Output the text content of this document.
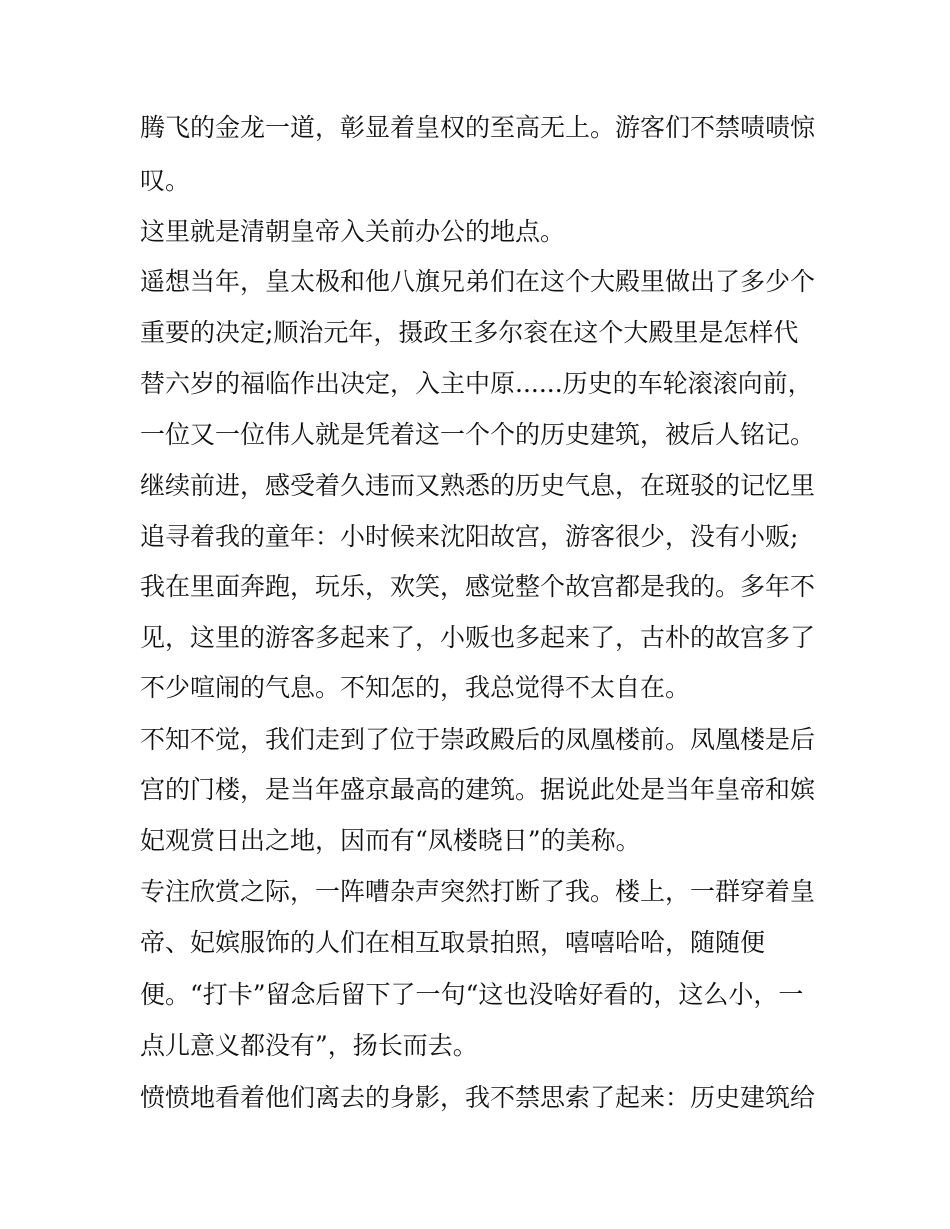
腾飞的金龙一道，彰显着皇权的至高无上。游客们不禁啧啧惊
叹。
这里就是清朝皇帝入关前办公的地点。
遥想当年，皇太极和他八旗兄弟们在这个大殿里做出了多少个
重要的决定;顺治元年，摄政王多尔衮在这个大殿里是怎样代
替六岁的福临作出决定，入主中原......历史的车轮滚滚向前，
一位又一位伟人就是凭着这一个个的历史建筑，被后人铭记。
继续前进，感受着久违而又熟悉的历史气息，在斑驳的记忆里
追寻着我的童年：小时候来沈阳故宫，游客很少，没有小贩;
我在里面奔跑，玩乐，欢笑，感觉整个故宫都是我的。多年不
见，这里的游客多起来了，小贩也多起来了，古朴的故宫多了
不少喧闹的气息。不知怎的，我总觉得不太自在。
不知不觉，我们走到了位于崇政殿后的凤凰楼前。凤凰楼是后
宫的门楼，是当年盛京最高的建筑。据说此处是当年皇帝和嫔
妃观赏日出之地，因而有“凤楼晓日”的美称。
专注欣赏之际，一阵嘈杂声突然打断了我。楼上，一群穿着皇
帝、妃嫔服饰的人们在相互取景拍照，嘻嘻哈哈，随随便
便。“打卡”留念后留下了一句“这也没啥好看的，这么小，一
点儿意义都没有”，扬长而去。
愤愤地看着他们离去的身影，我不禁思索了起来：历史建筑给
